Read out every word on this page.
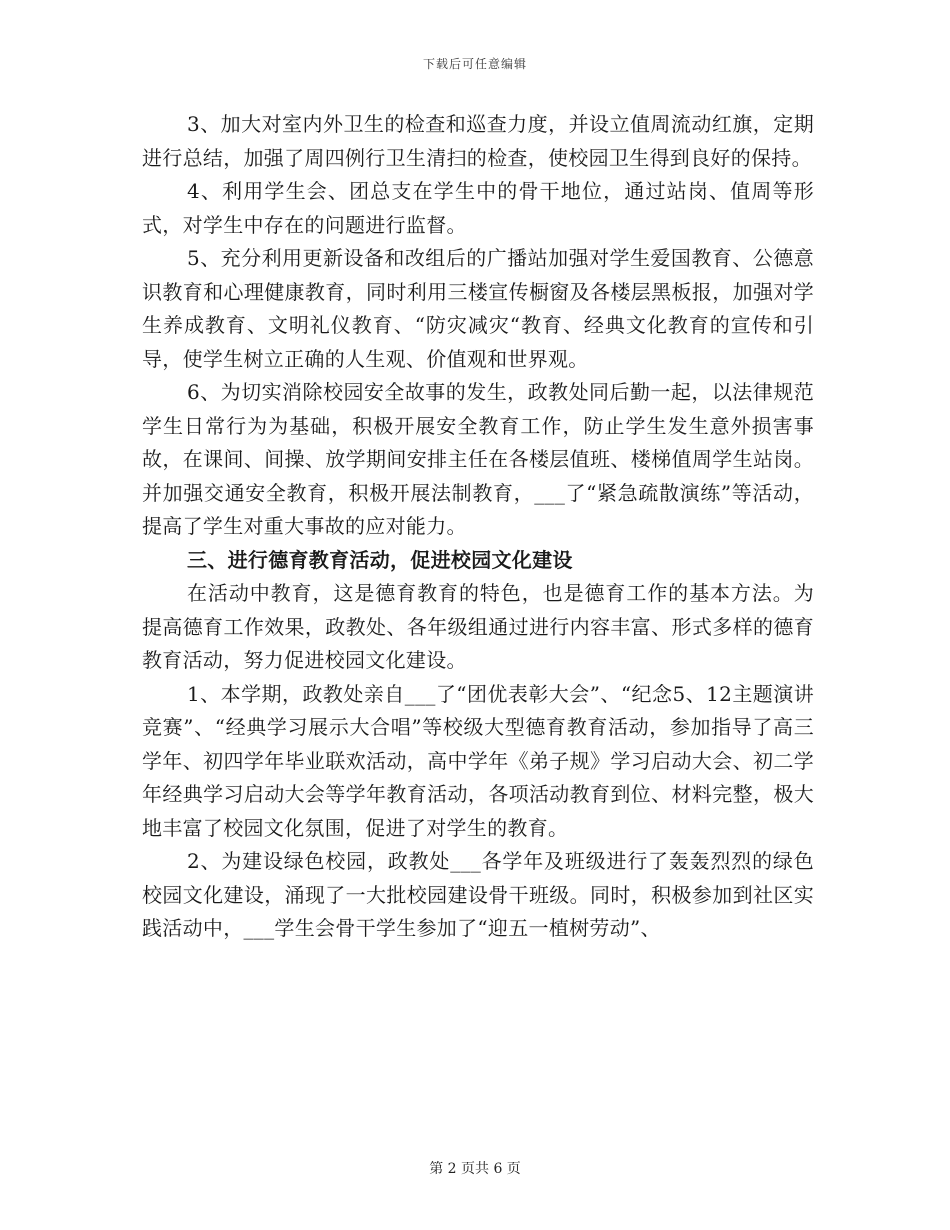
下载后可任意编辑

3、加大对室内外卫生的检查和巡查力度，并设立值周流动红旗，定期进行总结，加强了周四例行卫生清扫的检查，使校园卫生得到良好的保持。

4、利用学生会、团总支在学生中的骨干地位，通过站岗、值周等形式，对学生中存在的问题进行监督。

5、充分利用更新设备和改组后的广播站加强对学生爱国教育、公德意识教育和心理健康教育，同时利用三楼宣传橱窗及各楼层黑板报，加强对学生养成教育、文明礼仪教育、“防灾减灾“教育、经典文化教育的宣传和引导，使学生树立正确的人生观、价值观和世界观。

6、为切实消除校园安全故事的发生，政教处同后勤一起，以法律规范学生日常行为为基础，积极开展安全教育工作，防止学生发生意外损害事故，在课间、间操、放学期间安排主任在各楼层值班、楼梯值周学生站岗。并加强交通安全教育，积极开展法制教育，___了“紧急疏散演练”等活动，提高了学生对重大事故的应对能力。

三、进行德育教育活动，促进校园文化建设

在活动中教育，这是德育教育的特色，也是德育工作的基本方法。为提高德育工作效果，政教处、各年级组通过进行内容丰富、形式多样的德育教育活动，努力促进校园文化建设。

1、本学期，政教处亲自___了“团优表彰大会”、“纪念5、12主题演讲竞赛”、“经典学习展示大合唱”等校级大型德育教育活动，参加指导了高三学年、初四学年毕业联欢活动，高中学年《弟子规》学习启动大会、初二学年经典学习启动大会等学年教育活动，各项活动教育到位、材料完整，极大地丰富了校园文化氛围，促进了对学生的教育。

2、为建设绿色校园，政教处___各学年及班级进行了轰轰烈烈的绿色校园文化建设，涌现了一大批校园建设骨干班级。同时，积极参加到社区实践活动中，___学生会骨干学生参加了“迎五一植树劳动”、

第 2 页共 6 页
